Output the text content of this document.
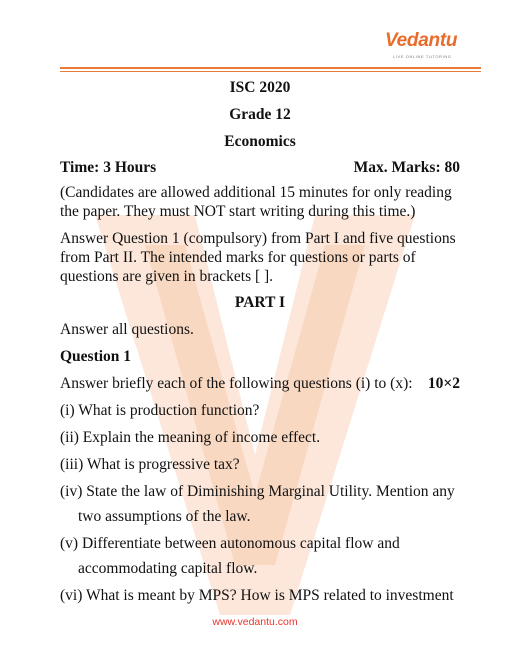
Vedantu
LIVE ONLINE TUTORING

ISC 2020

Grade 12

Economics

Time: 3 Hours	Max. Marks: 80

(Candidates are allowed additional 15 minutes for only reading the paper. They must NOT start writing during this time.)

Answer Question 1 (compulsory) from Part I and five questions from Part II. The intended marks for questions or parts of questions are given in brackets [ ].

PART I

Answer all questions.

Question 1

Answer briefly each of the following questions (i) to (x): 10×2

(i) What is production function?

(ii) Explain the meaning of income effect.

(iii) What is progressive tax?

(iv) State the law of Diminishing Marginal Utility. Mention any

two assumptions of the law.

(v) Differentiate between autonomous capital flow and

accommodating capital flow.

(vi) What is meant by MPS? How is MPS related to investment

www.vedantu.com
